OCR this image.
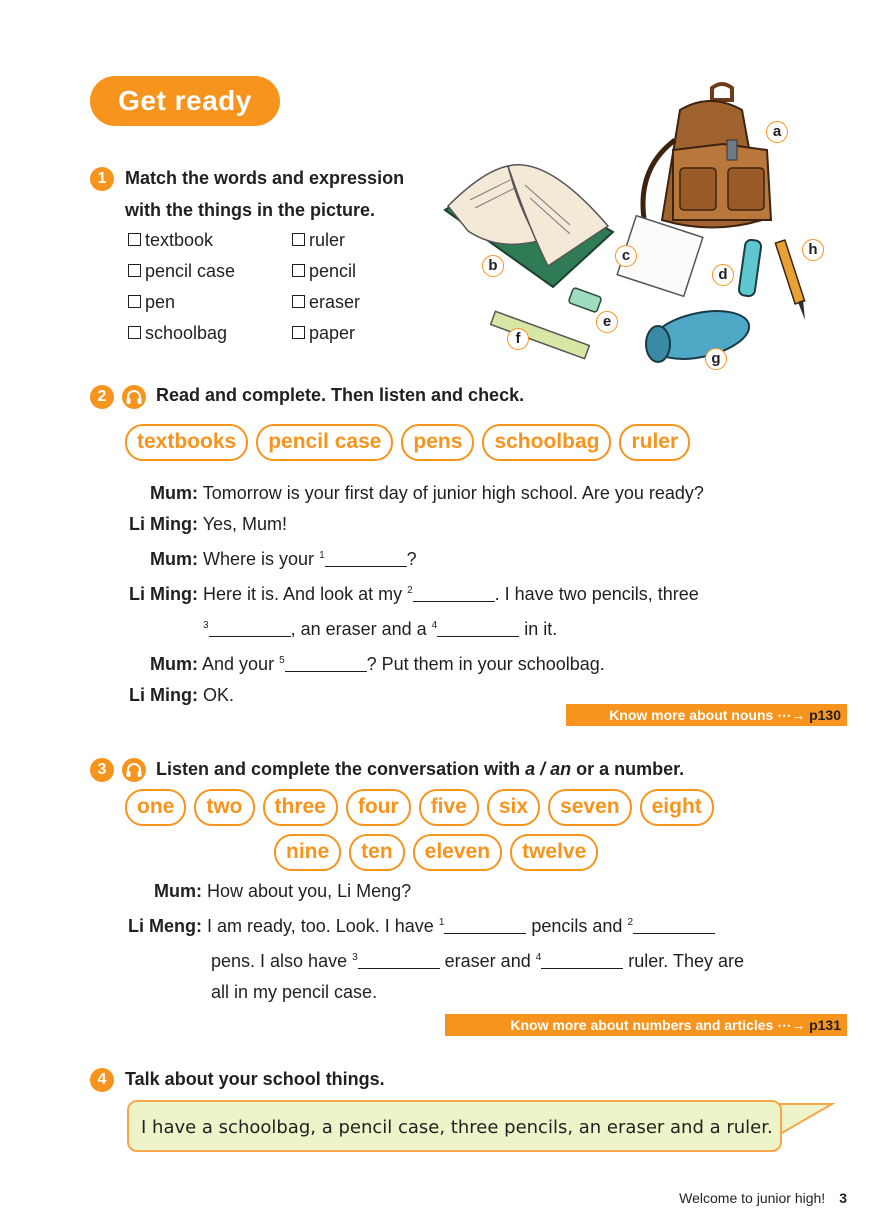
Get ready
1	Match the words and expression
with the things in the picture.
textbook	ruler
pencil case	pencil
pen	eraser
schoolbag	paper
a
b
c
d
e
f
g
h
2	Read and complete. Then listen and check.
textbooks	pencil case	pens	schoolbag	ruler
Mum: Tomorrow is your first day of junior high school. Are you ready?
Li Ming: Yes, Mum!
Mum: Where is your $^1$	?
Li Ming: Here it is. And look at my $^2$	. I have two pencils, three
$^3$	, an eraser and a $^4$	in it.
Mum: And your $^5$	? Put them in your schoolbag.
Li Ming: OK.
Know more about nouns ⋯→ p130
3	Listen and complete the conversation with a / an or a number.
one	two	three	four	five	six	seven	eight
nine	ten	eleven	twelve
Mum: How about you, Li Meng?
Li Meng: I am ready, too. Look. I have $^1$	pencils and $^2$
pens. I also have $^3$	eraser and $^4$	ruler. They are
all in my pencil case.
Know more about numbers and articles ⋯→ p131
4	Talk about your school things.
I have a schoolbag, a pencil case, three pencils, an eraser and a ruler.
Welcome to junior high! 3
